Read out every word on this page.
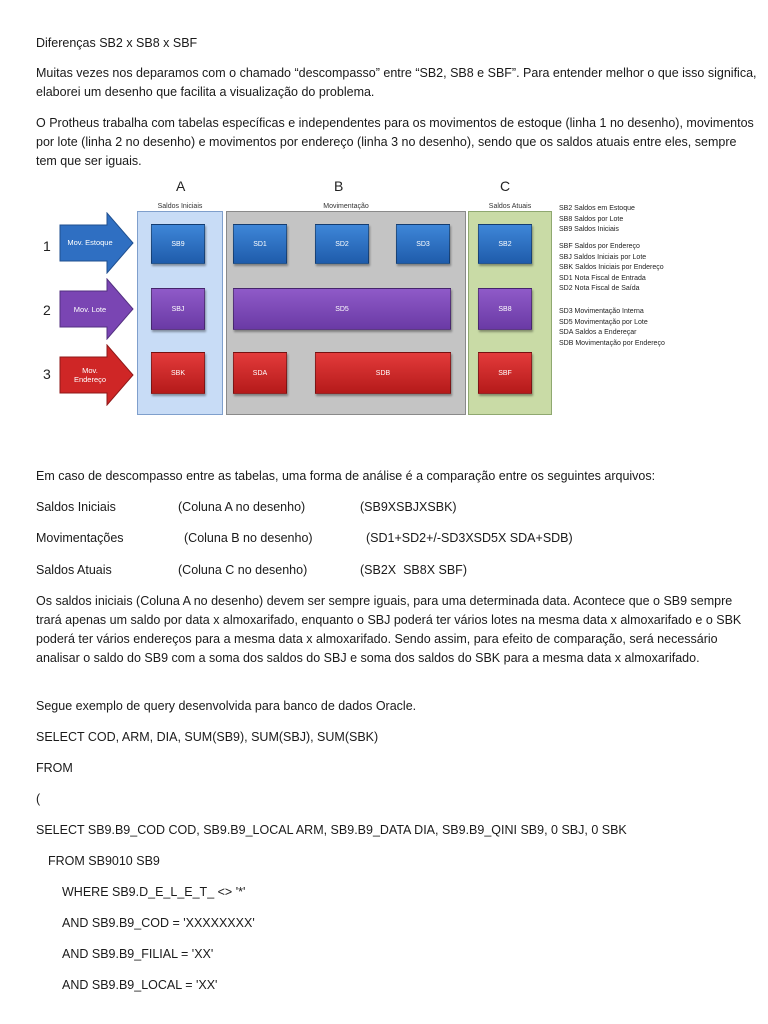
Diferenças SB2 x SB8 x SBF
Muitas vezes nos deparamos com o chamado “descompasso” entre “SB2, SB8 e SBF”. Para entender melhor o que isso significa, elaborei um desenho que facilita a visualização do problema.
O Protheus trabalha com tabelas específicas e independentes para os movimentos de estoque (linha 1 no desenho), movimentos por lote (linha 2 no desenho) e movimentos por endereço (linha 3 no desenho), sendo que os saldos atuais entre eles, sempre tem que ser iguais.
A	B	C
Saldos Iniciais	Movimentação	Saldos Atuais
1
2
3
Mov. Estoque
Mov. Lote
Mov.
Endereço
SB9	SD1	SD2	SD3	SB2
SBJ	SD5	SB8
SBK	SDA	SDB	SBF
SB2 Saldos em Estoque
SB8 Saldos por Lote
SB9 Saldos Iniciais
SBF Saldos por Endereço
SBJ Saldos Iniciais por Lote
SBK Saldos Iniciais por Endereço
SD1 Nota Fiscal de Entrada
SD2 Nota Fiscal de Saída
SD3 Movimentação Interna
SD5 Movimentação por Lote
SDA Saldos a Endereçar
SDB Movimentação por Endereço
Em caso de descompasso entre as tabelas, uma forma de análise é a comparação entre os seguintes arquivos:
Saldos Iniciais	(Coluna A no desenho)	(SB9XSBJXSBK)
Movimentações	(Coluna B no desenho)	(SD1+SD2+/-SD3XSD5X SDA+SDB)
Saldos Atuais	(Coluna C no desenho)	(SB2X  SB8X SBF)
Os saldos iniciais (Coluna A no desenho) devem ser sempre iguais, para uma determinada data. Acontece que o SB9 sempre trará apenas um saldo por data x almoxarifado, enquanto o SBJ poderá ter vários lotes na mesma data x almoxarifado e o SBK poderá ter vários endereços para a mesma data x almoxarifado. Sendo assim, para efeito de comparação, será necessário analisar o saldo do SB9 com a soma dos saldos do SBJ e soma dos saldos do SBK para a mesma data x almoxarifado.
Segue exemplo de query desenvolvida para banco de dados Oracle.
SELECT COD, ARM, DIA, SUM(SB9), SUM(SBJ), SUM(SBK)
FROM
(
SELECT SB9.B9_COD COD, SB9.B9_LOCAL ARM, SB9.B9_DATA DIA, SB9.B9_QINI SB9, 0 SBJ, 0 SBK
FROM SB9010 SB9
WHERE SB9.D_E_L_E_T_ <> '*'
AND SB9.B9_COD = 'XXXXXXXX'
AND SB9.B9_FILIAL = 'XX'
AND SB9.B9_LOCAL = 'XX'
